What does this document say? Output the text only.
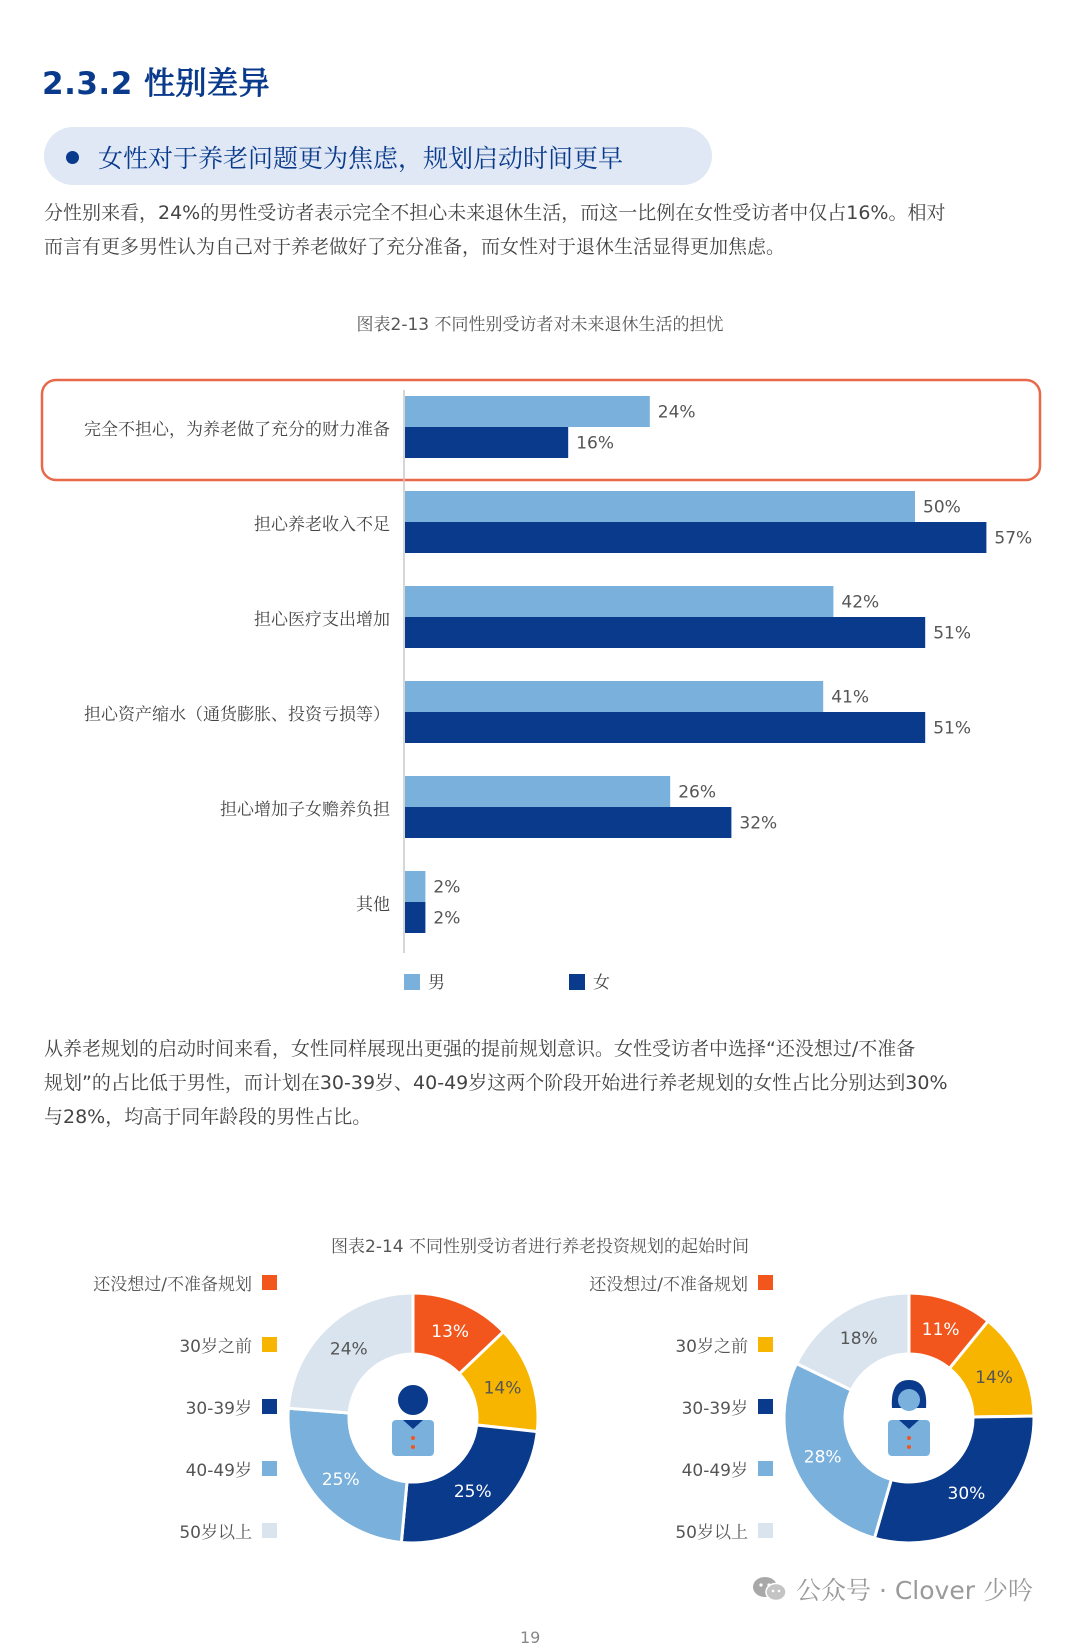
2.3.2 性别差异
女性对于养老问题更为焦虑，规划启动时间更早
分性别来看，24%的男性受访者表示完全不担心未来退休生活，而这一比例在女性受访者中仅占16%。相对
而言有更多男性认为自己对于养老做好了充分准备，而女性对于退休生活显得更加焦虑。
图表2-13 不同性别受访者对未来退休生活的担忧
完全不担心，为养老做了充分的财力准备
24%
16%
担心养老收入不足
50%
57%
担心医疗支出增加
42%
51%
担心资产缩水（通货膨胀、投资亏损等）
41%
51%
担心增加子女赡养负担
26%
32%
其他
2%
2%
男	女
从养老规划的启动时间来看，女性同样展现出更强的提前规划意识。女性受访者中选择“还没想过/不准备
规划”的占比低于男性，而计划在30-39岁、40-49岁这两个阶段开始进行养老规划的女性占比分别达到30%
与28%，均高于同年龄段的男性占比。
图表2-14 不同性别受访者进行养老投资规划的起始时间
还没想过/不准备规划
30岁之前
30-39岁
40-49岁
50岁以上
13%
14%
25%
25%
24%
还没想过/不准备规划
30岁之前
30-39岁
40-49岁
50岁以上
11%
14%
30%
28%
18%
公众号 · Clover 少吟
19
